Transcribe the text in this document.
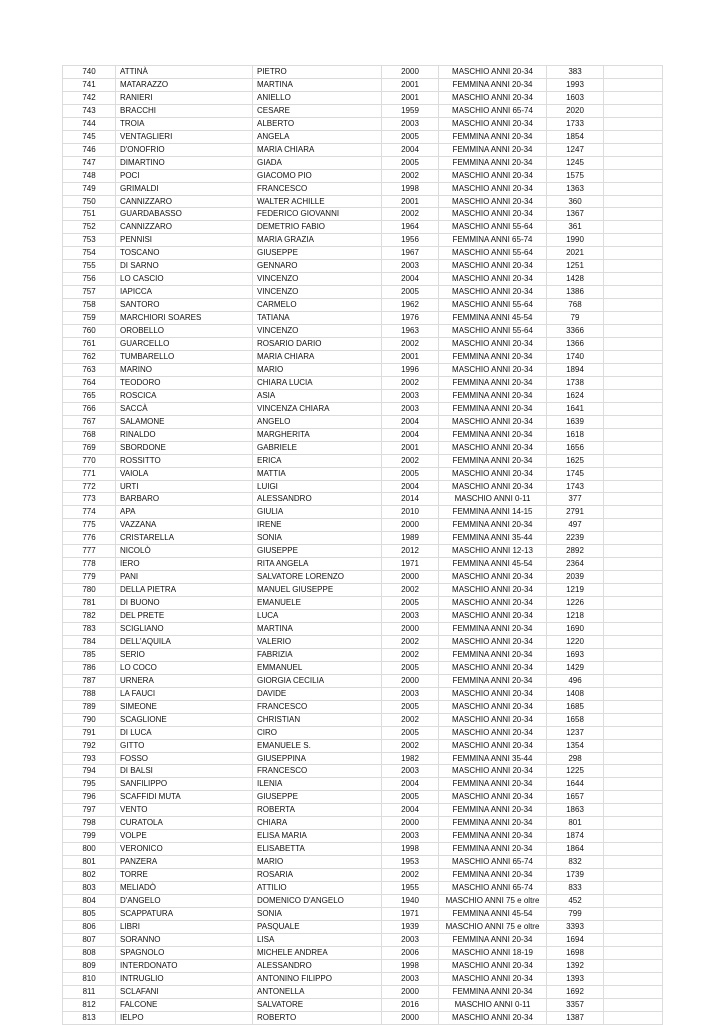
740	ATTINÀ	PIETRO	2000	MASCHIO ANNI 20-34	383	
741	MATARAZZO	MARTINA	2001	FEMMINA ANNI 20-34	1993	
742	RANIERI	ANIELLO	2001	MASCHIO ANNI 20-34	1603	
743	BRACCHI	CESARE	1959	MASCHIO ANNI 65-74	2020	
744	TROIA	ALBERTO	2003	MASCHIO ANNI 20-34	1733	
745	VENTAGLIERI	ANGELA	2005	FEMMINA ANNI 20-34	1854	
746	D'ONOFRIO	MARIA CHIARA	2004	FEMMINA ANNI 20-34	1247	
747	DIMARTINO	GIADA	2005	FEMMINA ANNI 20-34	1245	
748	POCI	GIACOMO PIO	2002	MASCHIO ANNI 20-34	1575	
749	GRIMALDI	FRANCESCO	1998	MASCHIO ANNI 20-34	1363	
750	CANNIZZARO	WALTER ACHILLE	2001	MASCHIO ANNI 20-34	360	
751	GUARDABASSO	FEDERICO GIOVANNI	2002	MASCHIO ANNI 20-34	1367	
752	CANNIZZARO	DEMETRIO FABIO	1964	MASCHIO ANNI 55-64	361	
753	PENNISI	MARIA GRAZIA	1956	FEMMINA ANNI 65-74	1990	
754	TOSCANO	GIUSEPPE	1967	MASCHIO ANNI 55-64	2021	
755	DI SARNO	GENNARO	2003	MASCHIO ANNI 20-34	1251	
756	LO CASCIO	VINCENZO	2004	MASCHIO ANNI 20-34	1428	
757	IAPICCA	VINCENZO	2005	MASCHIO ANNI 20-34	1386	
758	SANTORO	CARMELO	1962	MASCHIO ANNI 55-64	768	
759	MARCHIORI SOARES	TATIANA	1976	FEMMINA ANNI 45-54	79	
760	OROBELLO	VINCENZO	1963	MASCHIO ANNI 55-64	3366	
761	GUARCELLO	ROSARIO DARIO	2002	MASCHIO ANNI 20-34	1366	
762	TUMBARELLO	MARIA CHIARA	2001	FEMMINA ANNI 20-34	1740	
763	MARINO	MARIO	1996	MASCHIO ANNI 20-34	1894	
764	TEODORO	CHIARA LUCIA	2002	FEMMINA ANNI 20-34	1738	
765	ROSCICA	ASIA	2003	FEMMINA ANNI 20-34	1624	
766	SACCÀ	VINCENZA CHIARA	2003	FEMMINA ANNI 20-34	1641	
767	SALAMONE	ANGELO	2004	MASCHIO ANNI 20-34	1639	
768	RINALDO	MARGHERITA	2004	FEMMINA ANNI 20-34	1618	
769	SBORDONE	GABRIELE	2001	MASCHIO ANNI 20-34	1656	
770	ROSSITTO	ERICA	2002	FEMMINA ANNI 20-34	1625	
771	VAIOLA	MATTIA	2005	MASCHIO ANNI 20-34	1745	
772	URTI	LUIGI	2004	MASCHIO ANNI 20-34	1743	
773	BARBARO	ALESSANDRO	2014	MASCHIO ANNI 0-11	377	
774	APA	GIULIA	2010	FEMMINA ANNI 14-15	2791	
775	VAZZANA	IRENE	2000	FEMMINA ANNI 20-34	497	
776	CRISTARELLA	SONIA	1989	FEMMINA ANNI 35-44	2239	
777	NICOLÒ	GIUSEPPE	2012	MASCHIO ANNI 12-13	2892	
778	IERO	RITA ANGELA	1971	FEMMINA ANNI 45-54	2364	
779	PANI	SALVATORE LORENZO	2000	MASCHIO ANNI 20-34	2039	
780	DELLA PIETRA	MANUEL GIUSEPPE	2002	MASCHIO ANNI 20-34	1219	
781	DI BUONO	EMANUELE	2005	MASCHIO ANNI 20-34	1226	
782	DEL PRETE	LUCA	2003	MASCHIO ANNI 20-34	1218	
783	SCIGLIANO	MARTINA	2000	FEMMINA ANNI 20-34	1690	
784	DELL'AQUILA	VALERIO	2002	MASCHIO ANNI 20-34	1220	
785	SERIO	FABRIZIA	2002	FEMMINA ANNI 20-34	1693	
786	LO COCO	EMMANUEL	2005	MASCHIO ANNI 20-34	1429	
787	URNERA	GIORGIA CECILIA	2000	FEMMINA ANNI 20-34	496	
788	LA FAUCI	DAVIDE	2003	MASCHIO ANNI 20-34	1408	
789	SIMEONE	FRANCESCO	2005	MASCHIO ANNI 20-34	1685	
790	SCAGLIONE	CHRISTIAN	2002	MASCHIO ANNI 20-34	1658	
791	DI LUCA	CIRO	2005	MASCHIO ANNI 20-34	1237	
792	GITTO	EMANUELE S.	2002	MASCHIO ANNI 20-34	1354	
793	FOSSO	GIUSEPPINA	1982	FEMMINA ANNI 35-44	298	
794	DI BALSI	FRANCESCO	2003	MASCHIO ANNI 20-34	1225	
795	SANFILIPPO	ILENIA	2004	FEMMINA ANNI 20-34	1644	
796	SCAFFIDI MUTA	GIUSEPPE	2005	MASCHIO ANNI 20-34	1657	
797	VENTO	ROBERTA	2004	FEMMINA ANNI 20-34	1863	
798	CURATOLA	CHIARA	2000	FEMMINA ANNI 20-34	801	
799	VOLPE	ELISA MARIA	2003	FEMMINA ANNI 20-34	1874	
800	VERONICO	ELISABETTA	1998	FEMMINA ANNI 20-34	1864	
801	PANZERA	MARIO	1953	MASCHIO ANNI 65-74	832	
802	TORRE	ROSARIA	2002	FEMMINA ANNI 20-34	1739	
803	MELIADÒ	ATTILIO	1955	MASCHIO ANNI 65-74	833	
804	D'ANGELO	DOMENICO D'ANGELO	1940	MASCHIO ANNI 75 e oltre	452	
805	SCAPPATURA	SONIA	1971	FEMMINA ANNI 45-54	799	
806	LIBRI	PASQUALE	1939	MASCHIO ANNI 75 e oltre	3393	
807	SORANNO	LISA	2003	FEMMINA ANNI 20-34	1694	
808	SPAGNOLO	MICHELE ANDREA	2006	MASCHIO ANNI 18-19	1698	
809	INTERDONATO	ALESSANDRO	1998	MASCHIO ANNI 20-34	1392	
810	INTRUGLIO	ANTONINO FILIPPO	2003	MASCHIO ANNI 20-34	1393	
811	SCLAFANI	ANTONELLA	2000	FEMMINA ANNI 20-34	1692	
812	FALCONE	SALVATORE	2016	MASCHIO ANNI 0-11	3357	
813	IELPO	ROBERTO	2000	MASCHIO ANNI 20-34	1387	
